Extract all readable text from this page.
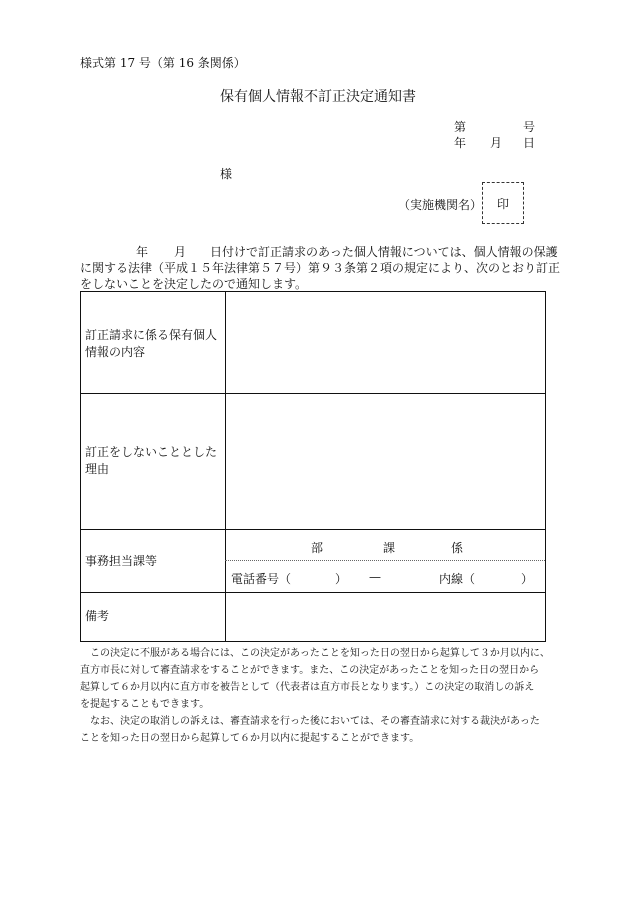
様式第 17 号（第 16 条関係）
保有個人情報不訂正決定通知書
第	号
年 月 日
様
（実施機関名） 印
年 月 日付けで訂正請求のあった個人情報については、個人情報の保護
に関する法律（平成１５年法律第５７号）第９３条第２項の規定により、次のとおり訂正
をしないことを決定したので通知します。
訂正請求に係る保有個人
情報の内容
訂正をしないこととした
理由
事務担当課等
部	課	係
電話番号（	） —	内線（	）
備考
この決定に不服がある場合には、この決定があったことを知った日の翌日から起算して３か月以内に、
直方市長に対して審査請求をすることができます。また、この決定があったことを知った日の翌日から
起算して６か月以内に直方市を被告として（代表者は直方市長となります。）この決定の取消しの訴え
を提起することもできます。
なお、決定の取消しの訴えは、審査請求を行った後においては、その審査請求に対する裁決があった
ことを知った日の翌日から起算して６か月以内に提起することができます。
